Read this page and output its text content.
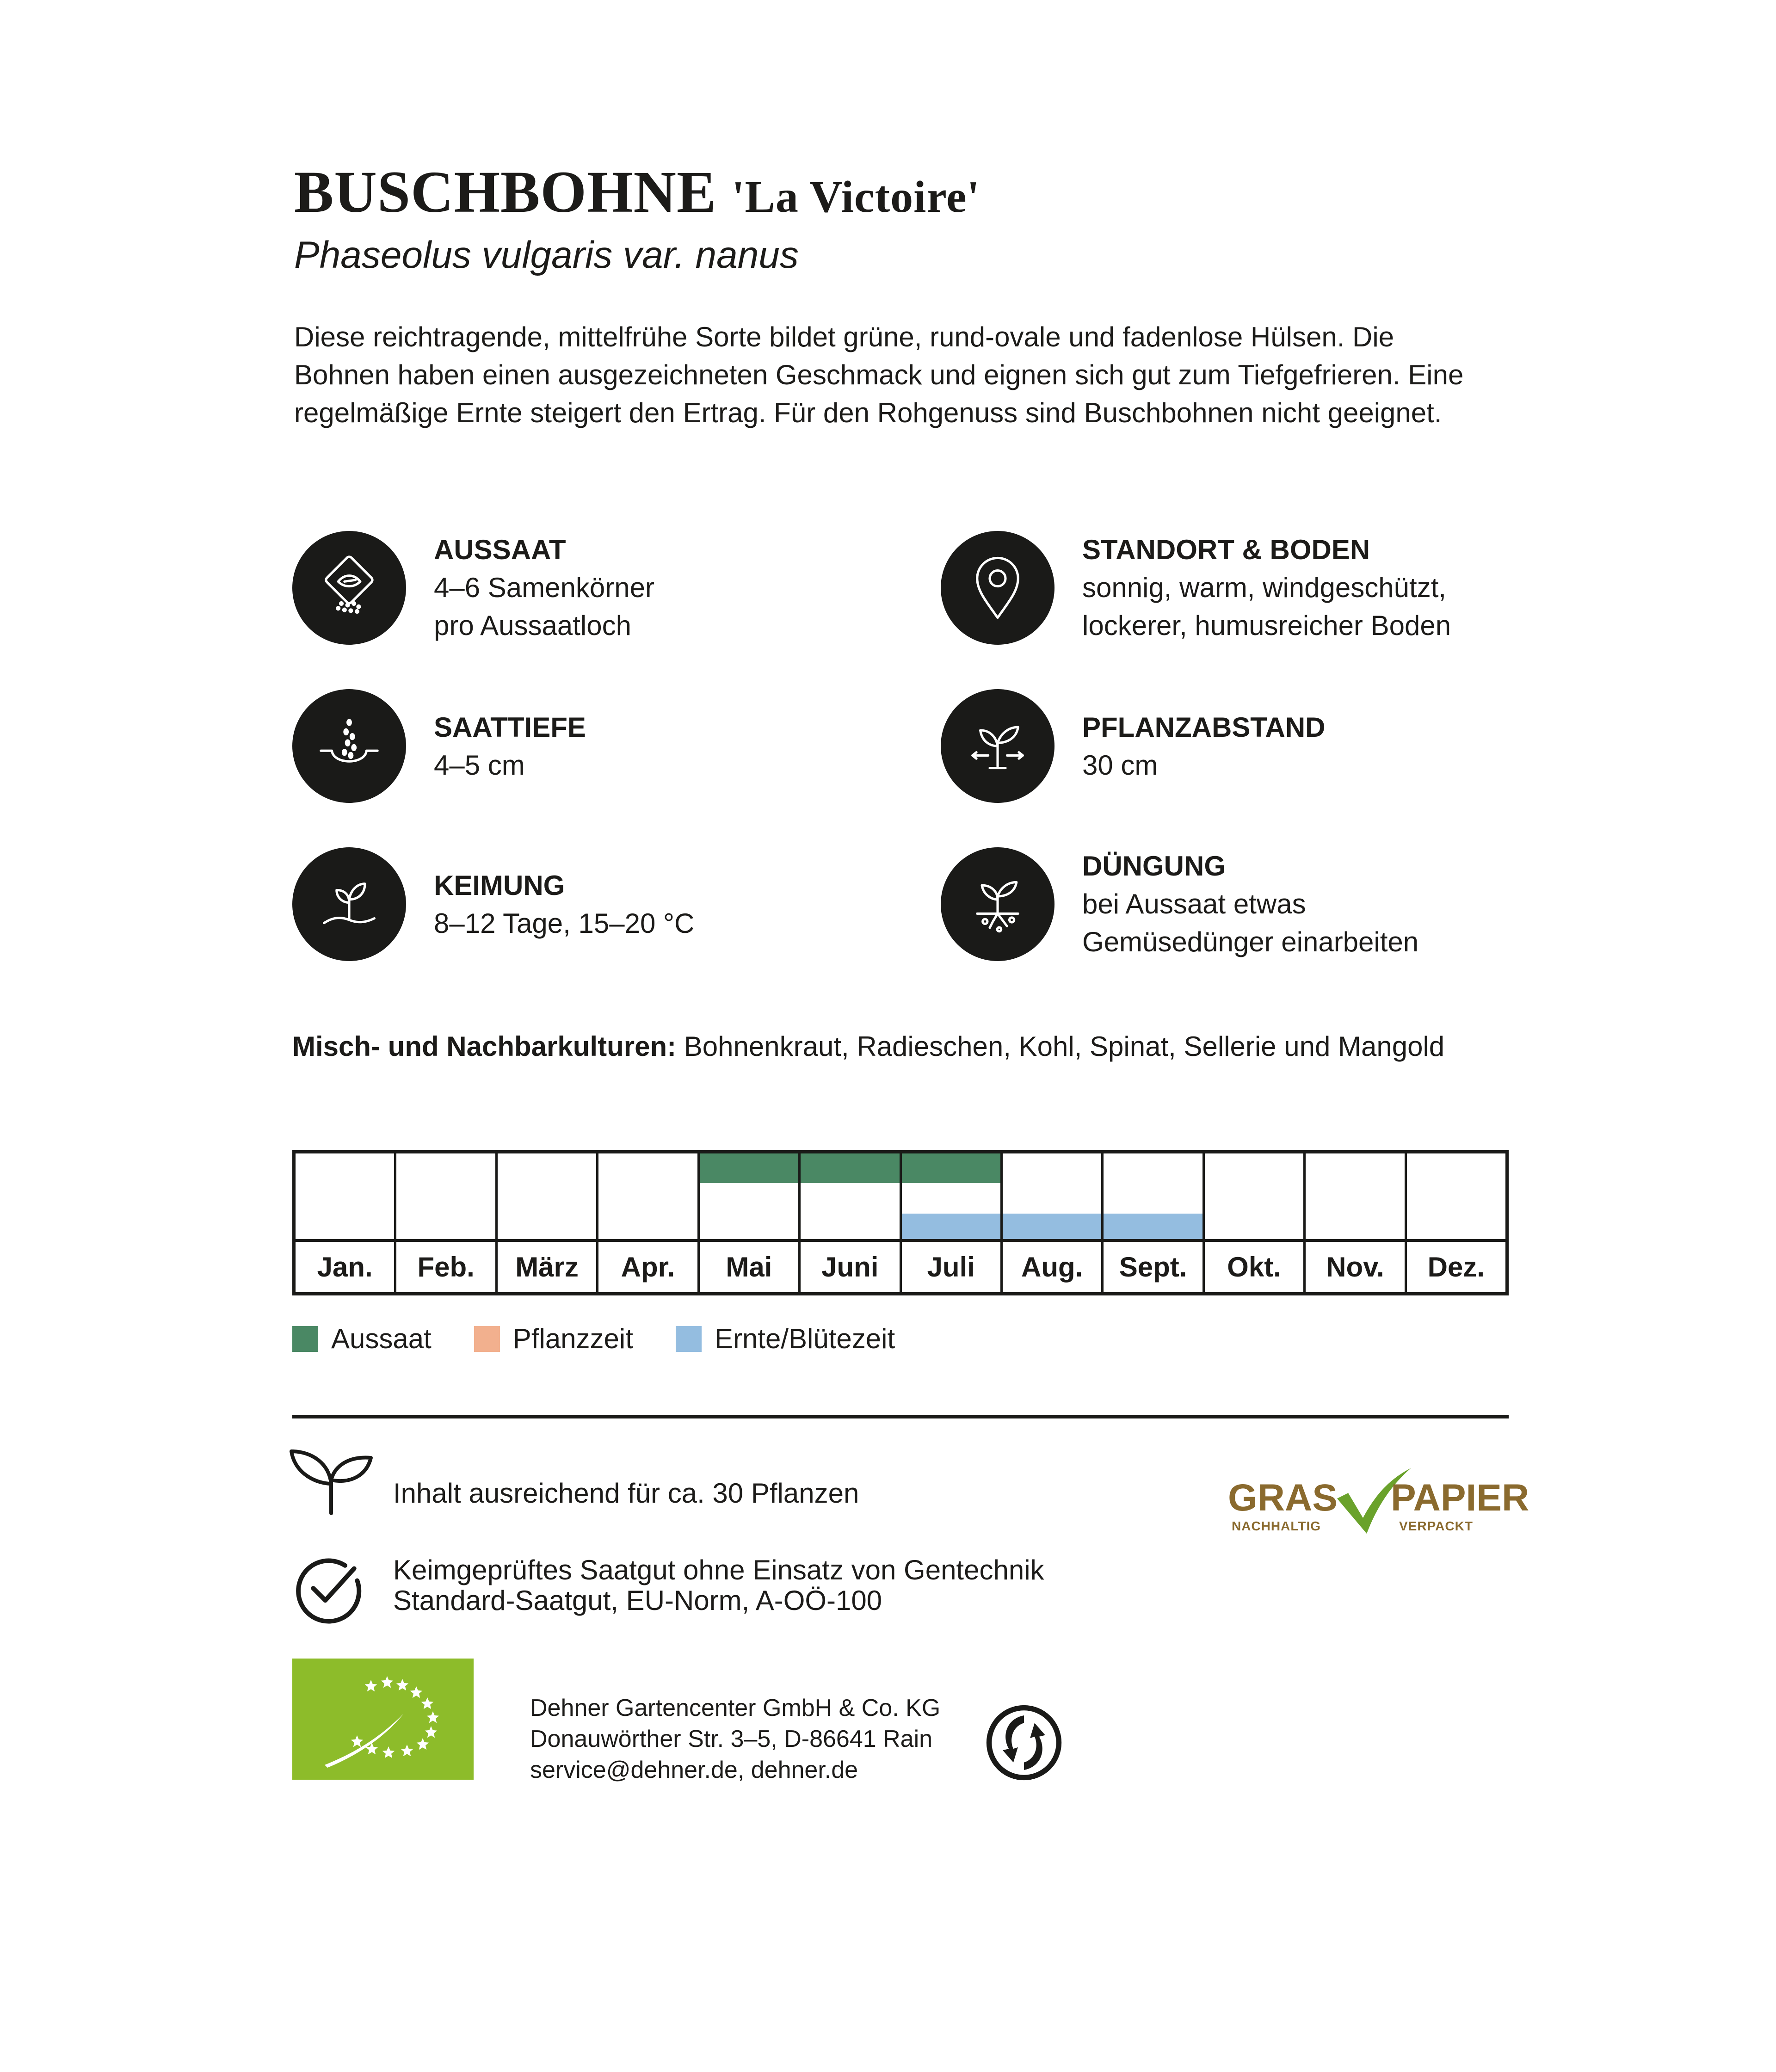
BUSCHBOHNE 'La Victoire'
Phaseolus vulgaris var. nanus

Diese reichtragende, mittelfrühe Sorte bildet grüne, rund-ovale und fadenlose Hülsen. Die

Bohnen haben einen ausgezeichneten Geschmack und eignen sich gut zum Tiefgefrieren. Eine

regelmäßige Ernte steigert den Ertrag. Für den Rohgenuss sind Buschbohnen nicht geeignet.

AUSSAAT
4–6 Samenkörner
pro Aussaatloch
STANDORT & BODEN
sonnig, warm, windgeschützt,
lockerer, humusreicher Boden
SAATTIEFE
4–5 cm
PFLANZABSTAND
30 cm
KEIMUNG
8–12 Tage, 15–20 °C
DÜNGUNG
bei Aussaat etwas
Gemüsedünger einarbeiten
Misch- und Nachbarkulturen: Bohnenkraut, Radieschen, Kohl, Spinat, Sellerie und Mangold
Jan.	Feb.	März	Apr.	Mai	Juni	Juli	Aug.	Sept.	Okt.	Nov.	Dez.
Aussaat	Pflanzzeit	Ernte/Blütezeit
Inhalt ausreichend für ca. 30 Pflanzen
Keimgeprüftes Saatgut ohne Einsatz von Gentechnik
Standard-Saatgut, EU-Norm, A-OÖ-100
GRAS
NACHHALTIG
PAPIER
VERPACKT
Dehner Gartencenter GmbH & Co. KG
Donauwörther Str. 3–5, D-86641 Rain
service@dehner.de, dehner.de
